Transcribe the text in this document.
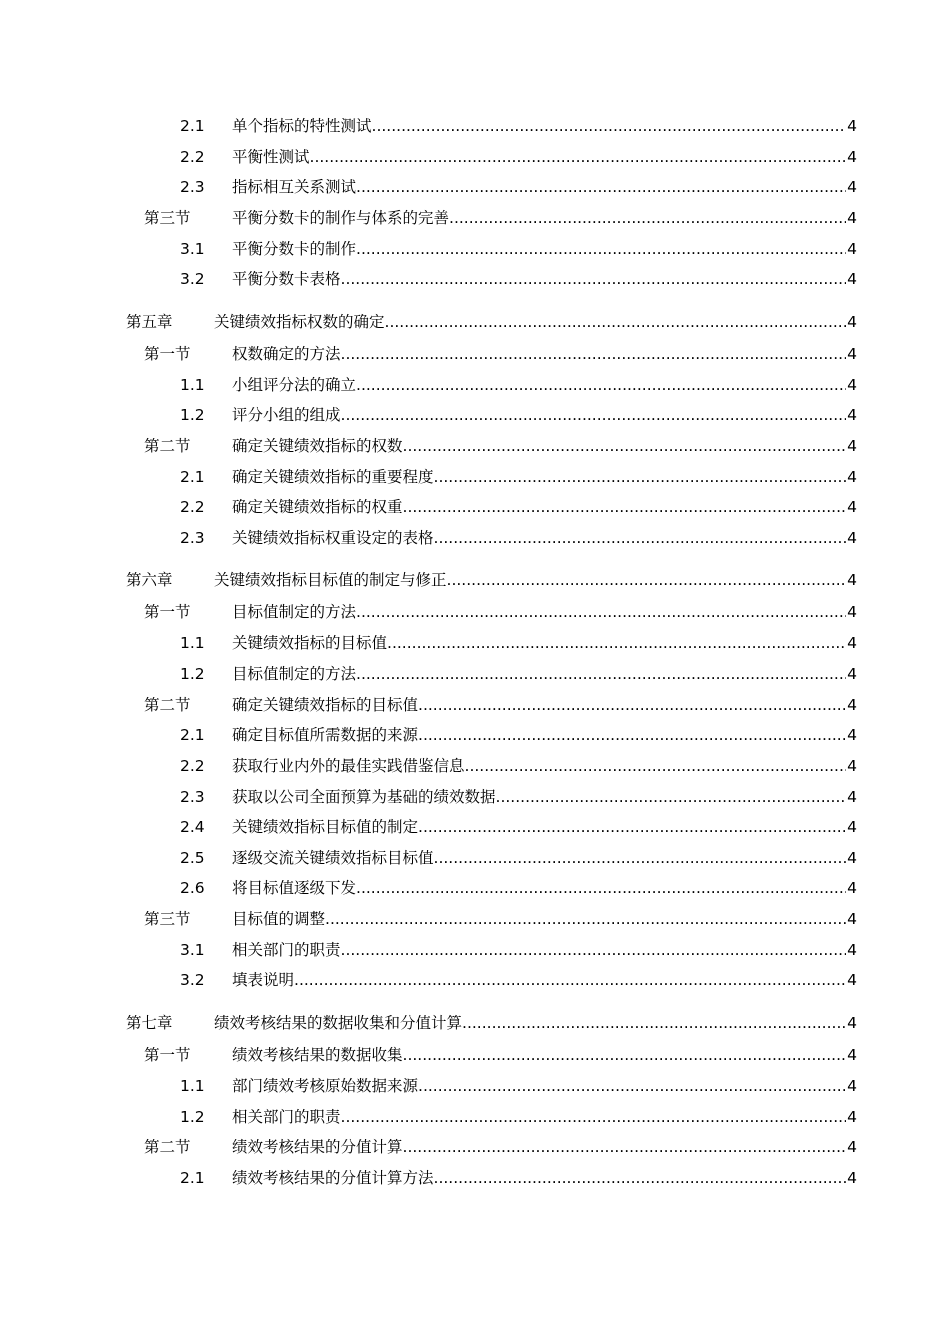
2.1	单个指标的特性测试 .....	4
2.2	平衡性测试 .....	4
2.3	指标相互关系测试 .....	4
第三节	平衡分数卡的制作与体系的完善 .....	4
3.1	平衡分数卡的制作 .....	4
3.2	平衡分数卡表格 .....	4
第五章	关键绩效指标权数的确定 .....	4
第一节	权数确定的方法 .....	4
1.1	小组评分法的确立 .....	4
1.2	评分小组的组成 .....	4
第二节	确定关键绩效指标的权数 .....	4
2.1	确定关键绩效指标的重要程度 .....	4
2.2	确定关键绩效指标的权重 .....	4
2.3	关键绩效指标权重设定的表格 .....	4
第六章	关键绩效指标目标值的制定与修正 .....	4
第一节	目标值制定的方法 .....	4
1.1	关键绩效指标的目标值 .....	4
1.2	目标值制定的方法 .....	4
第二节	确定关键绩效指标的目标值 .....	4
2.1	确定目标值所需数据的来源 .....	4
2.2	获取行业内外的最佳实践借鉴信息 .....	4
2.3	获取以公司全面预算为基础的绩效数据 .....	4
2.4	关键绩效指标目标值的制定 .....	4
2.5	逐级交流关键绩效指标目标值 .....	4
2.6	将目标值逐级下发 .....	4
第三节	目标值的调整 .....	4
3.1	相关部门的职责 .....	4
3.2	填表说明 .....	4
第七章	绩效考核结果的数据收集和分值计算 .....	4
第一节	绩效考核结果的数据收集 .....	4
1.1	部门绩效考核原始数据来源 .....	4
1.2	相关部门的职责 .....	4
第二节	绩效考核结果的分值计算 .....	4
2.1	绩效考核结果的分值计算方法 .....	4
